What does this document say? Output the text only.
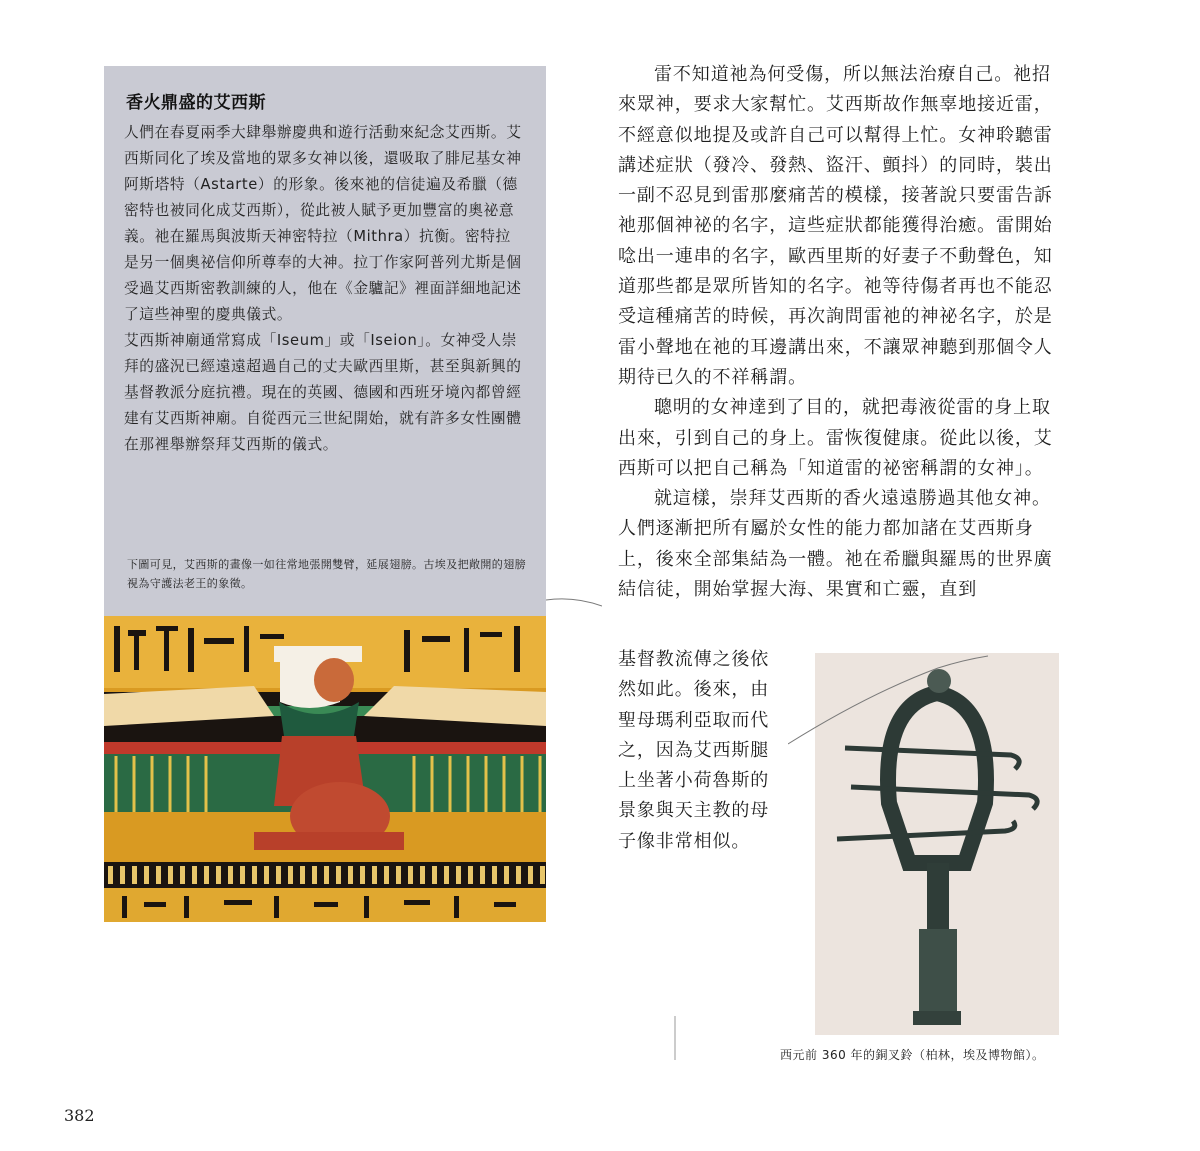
香火鼎盛的艾西斯

人們在春夏兩季大肆舉辦慶典和遊行活動來紀念艾西斯。艾西斯同化了埃及當地的眾多女神以後，還吸取了腓尼基女神阿斯塔特（Astarte）的形象。後來祂的信徒遍及希臘（德密特也被同化成艾西斯），從此被人賦予更加豐富的奧祕意義。祂在羅馬與波斯天神密特拉（Mithra）抗衡。密特拉是另一個奧祕信仰所尊奉的大神。拉丁作家阿普列尤斯是個受過艾西斯密教訓練的人，他在《金驢記》裡面詳細地記述了這些神聖的慶典儀式。

艾西斯神廟通常寫成「Iseum」或「Iseion」。女神受人崇拜的盛況已經遠遠超過自己的丈夫歐西里斯，甚至與新興的基督教派分庭抗禮。現在的英國、德國和西班牙境內都曾經建有艾西斯神廟。自從西元三世紀開始，就有許多女性團體在那裡舉辦祭拜艾西斯的儀式。

下圖可見，艾西斯的畫像一如往常地張開雙臂，延展翅膀。古埃及把敞開的翅膀視為守護法老王的象徵。

雷不知道祂為何受傷，所以無法治療自己。祂招來眾神，要求大家幫忙。艾西斯故作無辜地接近雷，不經意似地提及或許自己可以幫得上忙。女神聆聽雷講述症狀（發冷、發熱、盜汗、顫抖）的同時，裝出一副不忍見到雷那麼痛苦的模樣，接著說只要雷告訴祂那個神祕的名字，這些症狀都能獲得治癒。雷開始唸出一連串的名字，歐西里斯的好妻子不動聲色，知道那些都是眾所皆知的名字。祂等待傷者再也不能忍受這種痛苦的時候，再次詢問雷祂的神祕名字，於是雷小聲地在祂的耳邊講出來，不讓眾神聽到那個令人期待已久的不祥稱謂。

聰明的女神達到了目的，就把毒液從雷的身上取出來，引到自己的身上。雷恢復健康。從此以後，艾西斯可以把自己稱為「知道雷的祕密稱謂的女神」。

就這樣，崇拜艾西斯的香火遠遠勝過其他女神。人們逐漸把所有屬於女性的能力都加諸在艾西斯身上，後來全部集結為一體。祂在希臘與羅馬的世界廣結信徒，開始掌握大海、果實和亡靈，直到

基督教流傳之後依然如此。後來，由聖母瑪利亞取而代之，因為艾西斯腿上坐著小荷魯斯的景象與天主教的母子像非常相似。

西元前 360 年的銅叉鈴（柏林，埃及博物館）。

382
